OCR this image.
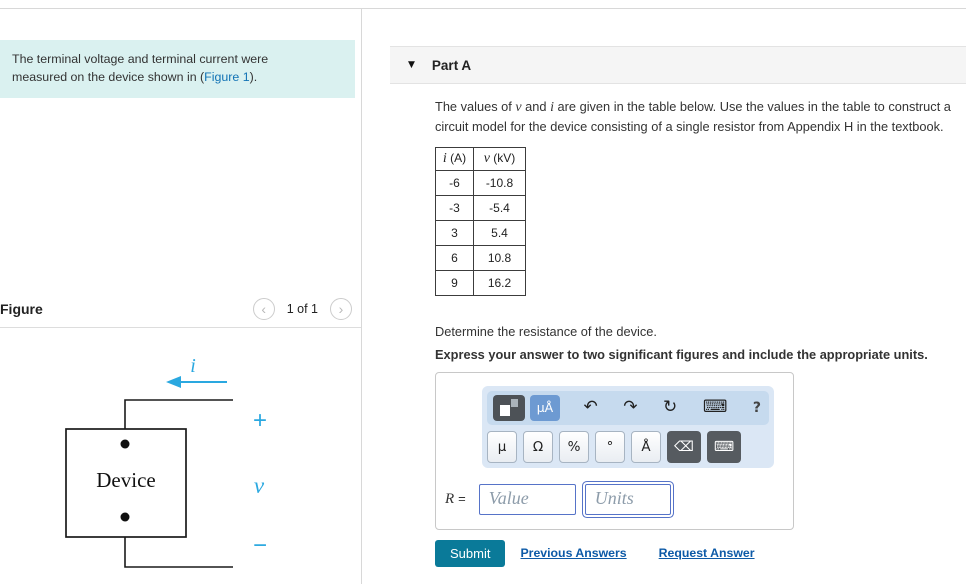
The terminal voltage and terminal current were
measured on the device shown in (Figure 1).
Figure	‹	1 of 1	›
Device
i
+
v
−
▼ Part A

The values of v and i are given in the table below. Use the values in the table to construct a
circuit model for the device consisting of a single resistor from Appendix H in the textbook.

i (A)	v (kV)
-6	-10.8
-3	-5.4
3	5.4
6	10.8
9	16.2

Determine the resistance of the device.

Express your answer to two significant figures and include the appropriate units.

μÅ	↶ ↷ ↻ ⌨ ?
μ	Ω	%	°	Å	⌫	⌨
R =
Value
Units
Submit	Previous Answers	Request Answer
